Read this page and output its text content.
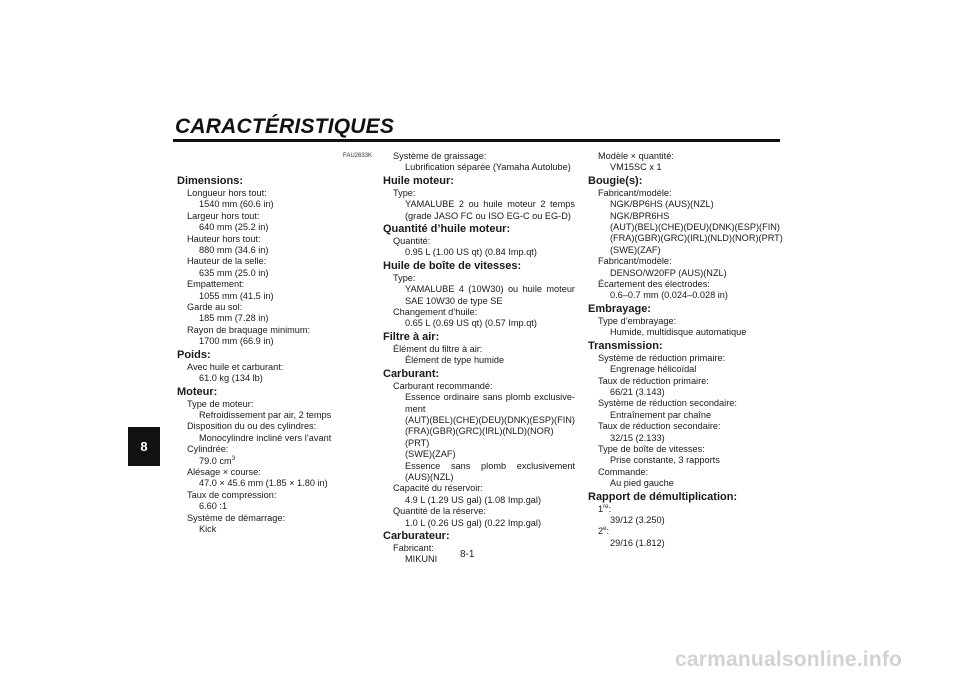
CARACTÉRISTIQUES
FAU2633K
8
8-1
Dimensions:
Longueur hors tout:
1540 mm (60.6 in)
Largeur hors tout:
640 mm (25.2 in)
Hauteur hors tout:
880 mm (34.6 in)
Hauteur de la selle:
635 mm (25.0 in)
Empattement:
1055 mm (41.5 in)
Garde au sol:
185 mm (7.28 in)
Rayon de braquage minimum:
1700 mm (66.9 in)
Poids:
Avec huile et carburant:
61.0 kg (134 lb)
Moteur:
Type de moteur:
Refroidissement par air, 2 temps
Disposition du ou des cylindres:
Monocylindre incliné vers l’avant
Cylindrée:
79.0 $cm^3$
Alésage × course:
47.0 × 45.6 mm (1.85 × 1.80 in)
Taux de compression:
6.60 :1
Système de démarrage:
Kick
Système de graissage:
Lubrification séparée (Yamaha Autolube)
Huile moteur:
Type:
YAMALUBE 2 ou huile moteur 2 temps
(grade JASO FC ou ISO EG-C ou EG-D)
Quantité d’huile moteur:
Quantité:
0.95 L (1.00 US qt) (0.84 Imp.qt)
Huile de boîte de vitesses:
Type:
YAMALUBE 4 (10W30) ou huile moteur
SAE 10W30 de type SE
Changement d’huile:
0.65 L (0.69 US qt) (0.57 Imp.qt)
Filtre à air:
Élément du filtre à air:
Élément de type humide
Carburant:
Carburant recommandé:
Essence ordinaire sans plomb exclusive-
ment
(AUT)(BEL)(CHE)(DEU)(DNK)(ESP)(FIN)
(FRA)(GBR)(GRC)(IRL)(NLD)(NOR)(PRT)
(SWE)(ZAF)
Essence sans plomb exclusivement
(AUS)(NZL)
Capacité du réservoir:
4.9 L (1.29 US gal) (1.08 Imp.gal)
Quantité de la réserve:
1.0 L (0.26 US gal) (0.22 Imp.gal)
Carburateur:
Fabricant:
MIKUNI
Modèle × quantité:
VM15SC x 1
Bougie(s):
Fabricant/modèle:
NGK/BP6HS (AUS)(NZL)
NGK/BPR6HS
(AUT)(BEL)(CHE)(DEU)(DNK)(ESP)(FIN)
(FRA)(GBR)(GRC)(IRL)(NLD)(NOR)(PRT)
(SWE)(ZAF)
Fabricant/modèle:
DENSO/W20FP (AUS)(NZL)
Écartement des électrodes:
0.6–0.7 mm (0.024–0.028 in)
Embrayage:
Type d’embrayage:
Humide, multidisque automatique
Transmission:
Système de réduction primaire:
Engrenage hélicoïdal
Taux de réduction primaire:
66/21 (3.143)
Système de réduction secondaire:
Entraînement par chaîne
Taux de réduction secondaire:
32/15 (2.133)
Type de boîte de vitesses:
Prise constante, 3 rapports
Commande:
Au pied gauche
Rapport de démultiplication:
1re:
39/12 (3.250)
2e:
29/16 (1.812)
carmanualsonline.info
